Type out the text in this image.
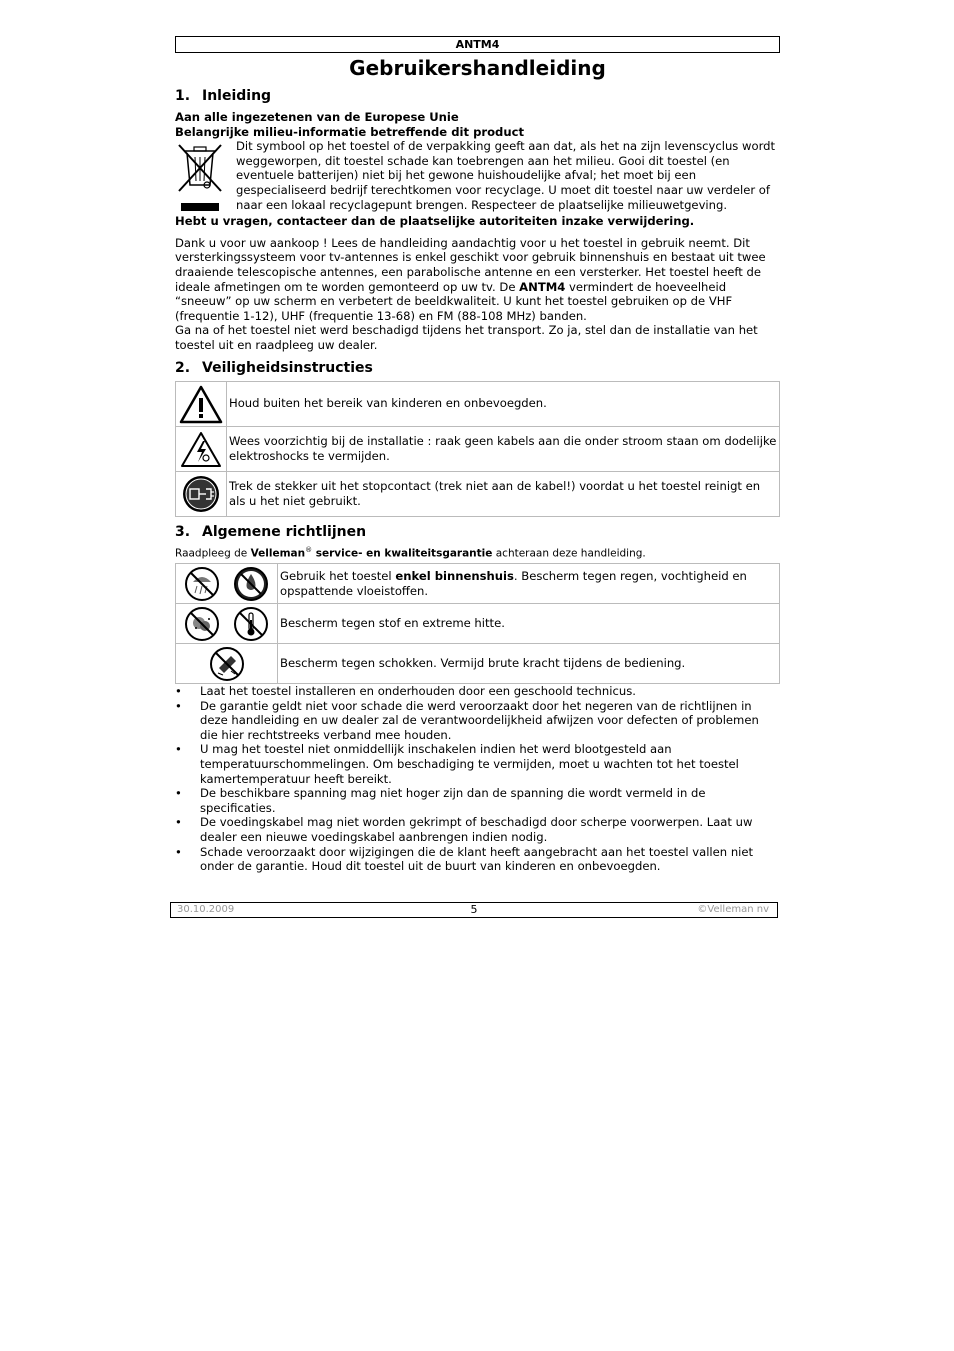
ANTM4
Gebruikershandleiding
1. Inleiding

Aan alle ingezetenen van de Europese Unie

Belangrijke milieu-informatie betreffende dit product

Dit symbool op het toestel of de verpakking geeft aan dat, als het na zijn levenscyclus wordt weggeworpen, dit toestel schade kan toebrengen aan het milieu. Gooi dit toestel (en eventuele batterijen) niet bij het gewone huishoudelijke afval; het moet bij een gespecialiseerd bedrijf terechtkomen voor recyclage. U moet dit toestel naar uw verdeler of naar een lokaal recyclagepunt brengen. Respecteer de plaatselijke milieuwetgeving.

Hebt u vragen, contacteer dan de plaatselijke autoriteiten inzake verwijdering.

Dank u voor uw aankoop ! Lees de handleiding aandachtig voor u het toestel in gebruik neemt. Dit versterkingssysteem voor tv-antennes is enkel geschikt voor gebruik binnenshuis en bestaat uit twee draaiende telescopische antennes, een parabolische antenne en een versterker. Het toestel heeft de ideale afmetingen om te worden gemonteerd op uw tv. De ANTM4 vermindert de hoeveelheid “sneeuw” op uw scherm en verbetert de beeldkwaliteit. U kunt het toestel gebruiken op de VHF (frequentie 1-12), UHF (frequentie 13-68) en FM (88-108 MHz) banden.

Ga na of het toestel niet werd beschadigd tijdens het transport. Zo ja, stel dan de installatie van het toestel uit en raadpleeg uw dealer.

2. Veiligheidsinstructies
	Houd buiten het bereik van kinderen en onbevoegden.

	Wees voorzichtig bij de installatie : raak geen kabels aan die onder stroom staan om dodelijke elektroshocks te vermijden.

	Trek de stekker uit het stopcontact (trek niet aan de kabel!) voordat u het toestel reinigt en als u het niet gebruikt.
3. Algemene richtlijnen

Raadpleeg de Velleman® service- en kwaliteitsgarantie achteraan deze handleiding.

	Gebruik het toestel enkel binnenshuis. Bescherm tegen regen, vochtigheid en opspattende vloeistoffen.

	Bescherm tegen stof en extreme hitte.

	Bescherm tegen schokken. Vermijd brute kracht tijdens de bediening.
• Laat het toestel installeren en onderhouden door een geschoold technicus.
• De garantie geldt niet voor schade die werd veroorzaakt door het negeren van de richtlijnen in deze handleiding en uw dealer zal de verantwoordelijkheid afwijzen voor defecten of problemen die hier rechtstreeks verband mee houden.
• U mag het toestel niet onmiddellijk inschakelen indien het werd blootgesteld aan temperatuurschommelingen. Om beschadiging te vermijden, moet u wachten tot het toestel kamertemperatuur heeft bereikt.
• De beschikbare spanning mag niet hoger zijn dan de spanning die wordt vermeld in de specificaties.
• De voedingskabel mag niet worden gekrimpt of beschadigd door scherpe voorwerpen. Laat uw dealer een nieuwe voedingskabel aanbrengen indien nodig.
• Schade veroorzaakt door wijzigingen die de klant heeft aangebracht aan het toestel vallen niet onder de garantie. Houd dit toestel uit de buurt van kinderen en onbevoegden.
30.10.2009	5	©Velleman nv
